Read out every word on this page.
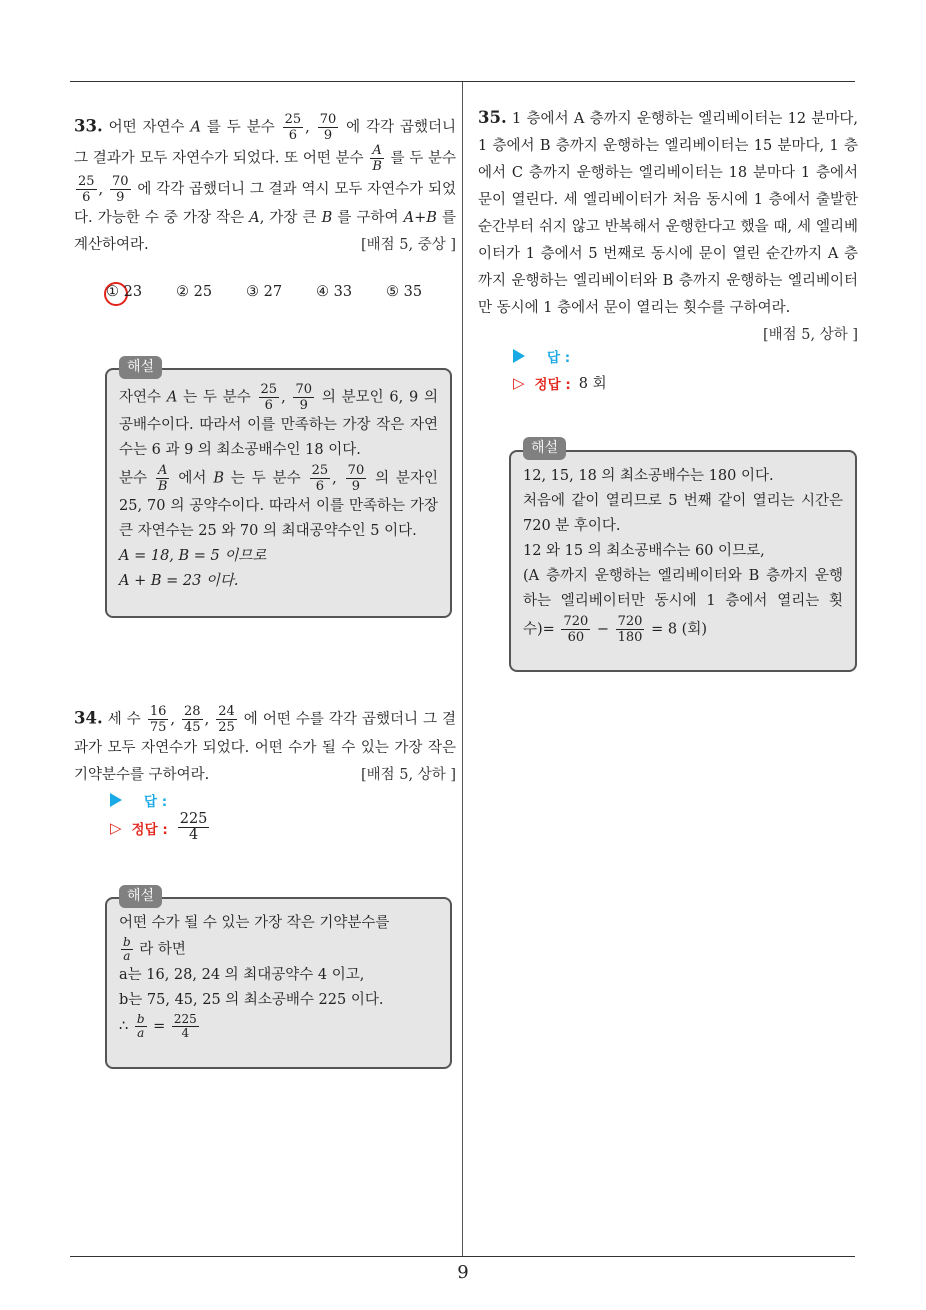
9
33. 어떤 자연수 A 를 두 분수 $\frac{25}{6}$ , $\frac{70}{9}$ 에 각각 곱했더니 그 결과가 모두 자연수가 되었다. 또 어떤 분수 $\frac{A}{B}$ 를 두 분수
$\frac{25}{6}$ , $\frac{70}{9}$ 에 각각 곱했더니 그 결과 역시 모두 자연수가 되었다. 가능한 수 중 가장 작은 A, 가장 큰 B 를 구하여 A+B 를 계산하여라.	[배점 5, 중상 ]
① 23	② 25	③ 27	④ 33	⑤ 35
자연수 A 는 두 분수 $\frac{25}{6}$ , $\frac{70}{9}$ 의 분모인 6, 9 의 공배수이다. 따라서 이를 만족하는 가장 작은 자연수는 6 과 9 의 최소공배수인 18 이다.
분수 $\frac{A}{B}$ 에서 B 는 두 분수 $\frac{25}{6}$ , $\frac{70}{9}$ 의 분자인 25, 70 의 공약수이다. 따라서 이를 만족하는 가장 큰 자연수는 25 와 70 의 최대공약수인 5 이다.
A = 18, B = 5 이므로
A + B = 23 이다.
해설
34. 세 수 $\frac{16}{75}$ , $\frac{28}{45}$ , $\frac{24}{25}$ 에 어떤 수를 각각 곱했더니 그 결과가 모두 자연수가 되었다. 어떤 수가 될 수 있는 가장 작은 기약분수를 구하여라.	[배점 5, 상하 ]
답 :
▷ 정답 : $\frac{225}{4}$
어떤 수가 될 수 있는 가장 작은 기약분수를

$\frac{b}{a}$ 라 하면
a는 16, 28, 24 의 최대공약수 4 이고,
b는 75, 45, 25 의 최소공배수 225 이다.
∴ $\frac{b}{a} = \frac{225}{4}$
해설
35. 1 층에서 A 층까지 운행하는 엘리베이터는 12 분마다, 1 층에서 B 층까지 운행하는 엘리베이터는 15 분마다, 1 층에서 C 층까지 운행하는 엘리베이터는 18 분마다 1 층에서 문이 열린다. 세 엘리베이터가 처음 동시에 1 층에서 출발한 순간부터 쉬지 않고 반복해서 운행한다고 했을 때, 세 엘리베이터가 1 층에서 5 번째로 동시에 문이 열린 순간까지 A 층까지 운행하는 엘리베이터와 B 층까지 운행하는 엘리베이터만 동시에 1 층에서 문이 열리는 횟수를 구하여라.
[배점 5, 상하 ]
답 :
▷ 정답 : 8 회
12, 15, 18 의 최소공배수는 180 이다.
처음에 같이 열리므로 5 번째 같이 열리는 시간은 720 분 후이다.
12 와 15 의 최소공배수는 60 이므로,
(A 층까지 운행하는 엘리베이터와 B 층까지 운행하는 엘리베이터만 동시에 1 층에서 열리는 횟수)= $\frac{720}{60} - \frac{720}{180} = 8$ (회)
해설
